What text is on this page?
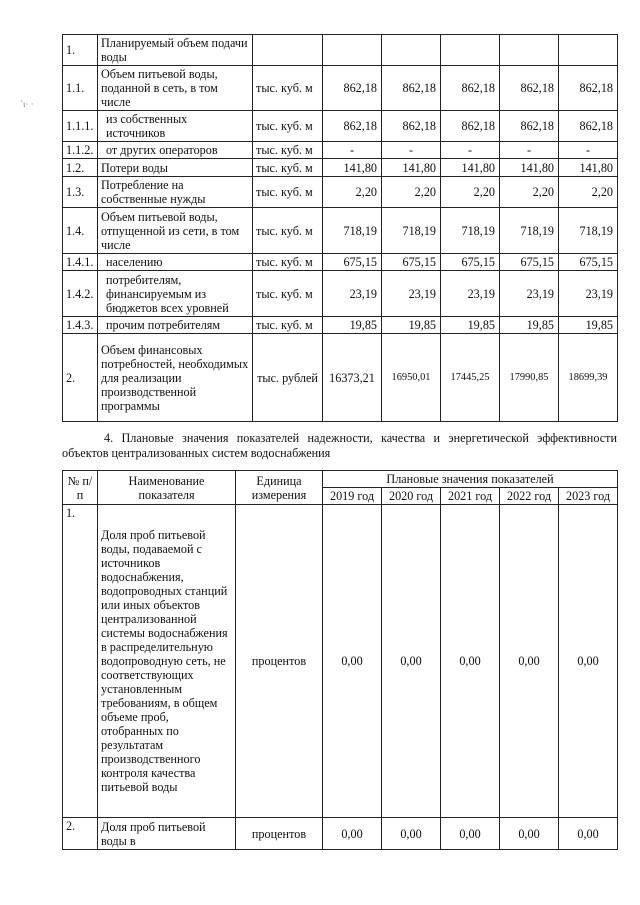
`ι· ·
1.	Планируемый объем подачи воды						
1.1.	Объем питьевой воды, поданной в сеть, в том числе	тыс. куб. м	862,18	862,18	862,18	862,18	862,18
1.1.1.	из собственных источников	тыс. куб. м	862,18	862,18	862,18	862,18	862,18
1.1.2.	от других операторов	тыс. куб. м	-	-	-	-	-
1.2.	Потери воды	тыс. куб. м	141,80	141,80	141,80	141,80	141,80
1.3.	Потребление на собственные нужды	тыс. куб. м	2,20	2,20	2,20	2,20	2,20
1.4.	Объем питьевой воды, отпущенной из сети, в том числе	тыс. куб. м	718,19	718,19	718,19	718,19	718,19
1.4.1.	населению	тыс. куб. м	675,15	675,15	675,15	675,15	675,15
1.4.2.	потребителям, финансируемым из бюджетов всех уровней	тыс. куб. м	23,19	23,19	23,19	23,19	23,19
1.4.3.	прочим потребителям	тыс. куб. м	19,85	19,85	19,85	19,85	19,85
2.	Объем финансовых потребностей, необходимых для реализации производственной программы	тыс. рублей	16373,21	16950,01	17445,25	17990,85	18699,39
4. Плановые значения показателей надежности, качества и энергетической эффективности объектов централизованных систем водоснабжения
№ п/п	Наименование показателя	Единица измерения	Плановые значения показателей				
			2019 год	2020 год	2021 год	2022 год	2023 год
1.	Доля проб питьевой воды, подаваемой с источников водоснабжения, водопроводных станций или иных объектов централизованной системы водоснабжения в распределительную водопроводную сеть, не соответствующих установленным требованиям, в общем объеме проб, отобранных по результатам производственного контроля качества питьевой воды	процентов	0,00	0,00	0,00	0,00	0,00
2.	Доля проб питьевой воды в	процентов	0,00	0,00	0,00	0,00	0,00
